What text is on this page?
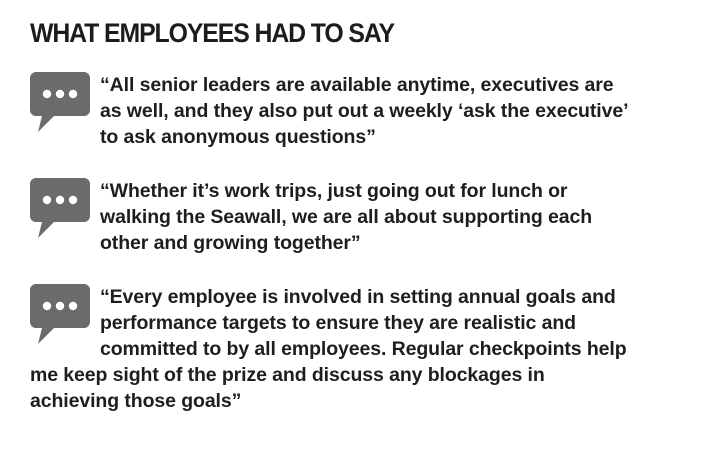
WHAT EMPLOYEES HAD TO SAY

“All senior leaders are available anytime, executives are
as well, and they also put out a weekly ‘ask the executive’
to ask anonymous questions”

“Whether it’s work trips, just going out for lunch or
walking the Seawall, we are all about supporting each
other and growing together”

“Every employee is involved in setting annual goals and
performance targets to ensure they are realistic and
committed to by all employees. Regular checkpoints help
me keep sight of the prize and discuss any blockages in
achieving those goals”
